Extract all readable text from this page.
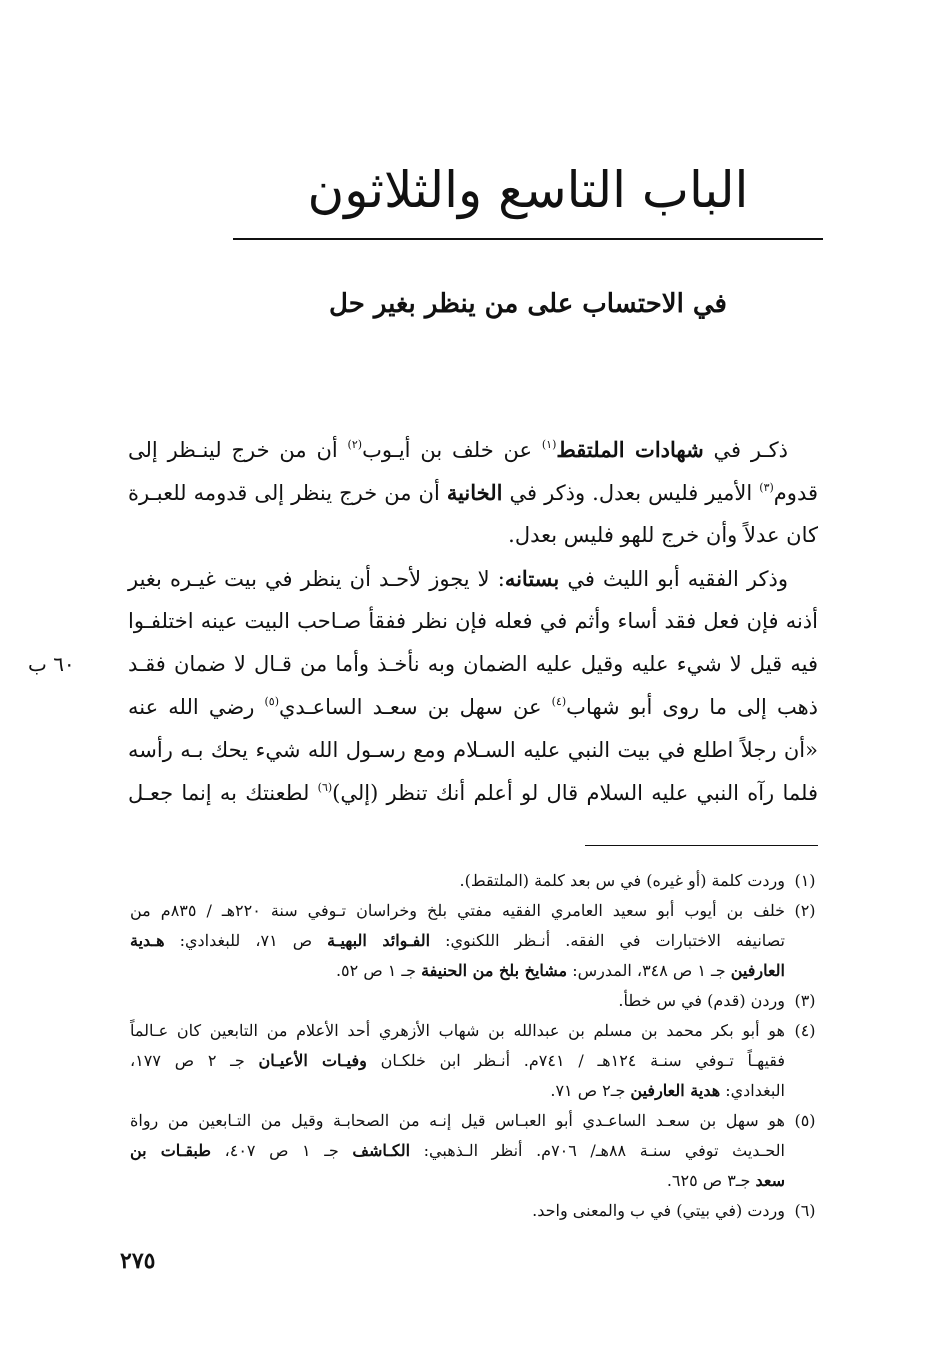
الباب التاسع والثلاثون
في الاحتساب على من ينظر بغير حل
ذكـر في شهادات الملتقط$^{(١)}$ عن خلف بن أيـوب$^{(٢)}$ أن من خرج لينـظر إلى
قدوم$^{(٣)}$ الأمير فليس بعدل. وذكر في الخانية أن من خرج ينظر إلى قدومه للعبـرة
كان عدلاً وأن خرج للهو فليس بعدل.
وذكر الفقيه أبو الليث في بستانه: لا يجوز لأحـد أن ينظر في بيت غيـره بغير
أذنه فإن فعل فقد أساء وأثم في فعله فإن نظر ففقأ صـاحب البيت عينه اختلفـوا
فيه قيل لا شيء عليه وقيل عليه الضمان وبه نأخـذ وأما من قـال لا ضمان فقـد
٦٠ ب
ذهب إلى ما روى أبو شهاب$^{(٤)}$ عن سهل بن سعـد الساعـدي$^{(٥)}$ رضي الله عنه
«أن رجلاً اطلع في بيت النبي عليه السـلام ومع رسـول الله شيء يحك بـه رأسه
فلما رآه النبي عليه السلام قال لو أعلم أنك تنظر (إلي)$^{(٦)}$ لطعنتك به إنما جعـل
(١)
وردت كلمة (أو غيره) في س بعد كلمة (الملتقط).
(٢)
خلف بن أيوب أبو سعيد العامري الفقيه مفتي بلخ وخراسان تـوفي سنة ٢٢٠هـ / ٨٣٥م من
تصانيفه الاختبارات في الفقه. أنـظر اللكنوي: الفـوائد البهيـة ص ٧١، للبغدادي: هـدية
العارفين جـ ١ ص ٣٤٨، المدرس: مشايخ بلخ من الحنيفة جـ ١ ص ٥٢.
(٣)
وردن (قدم) في س خطأ.
(٤)
هو أبو بكر محمد بن مسلم بن عبدالله بن شهاب الأزهري أحد الأعلام من التابعين كان عـالماً
فقيهـاً تـوفي سنـة ١٢٤هـ / ٧٤١م. أنـظر ابن خلكـان وفيـات الأعيـان جـ ٢ ص ١٧٧،
البغدادي: هدية العارفين جـ٢ ص ٧١.
(٥)
هو سهل بن سعـد الساعـدي أبو العبـاس قيل إنـه من الصحابـة وقيل من التـابعين من رواة
الحـديث توفي سنـة ٨٨هـ/ ٧٠٦م. أنظر الـذهبي: الكـاشف جـ ١ ص ٤٠٧، طبقـات بن
سعد جـ٣ ص ٦٢٥.
(٦)
وردت (في بيتي) في ب والمعنى واحد.
٢٧٥
